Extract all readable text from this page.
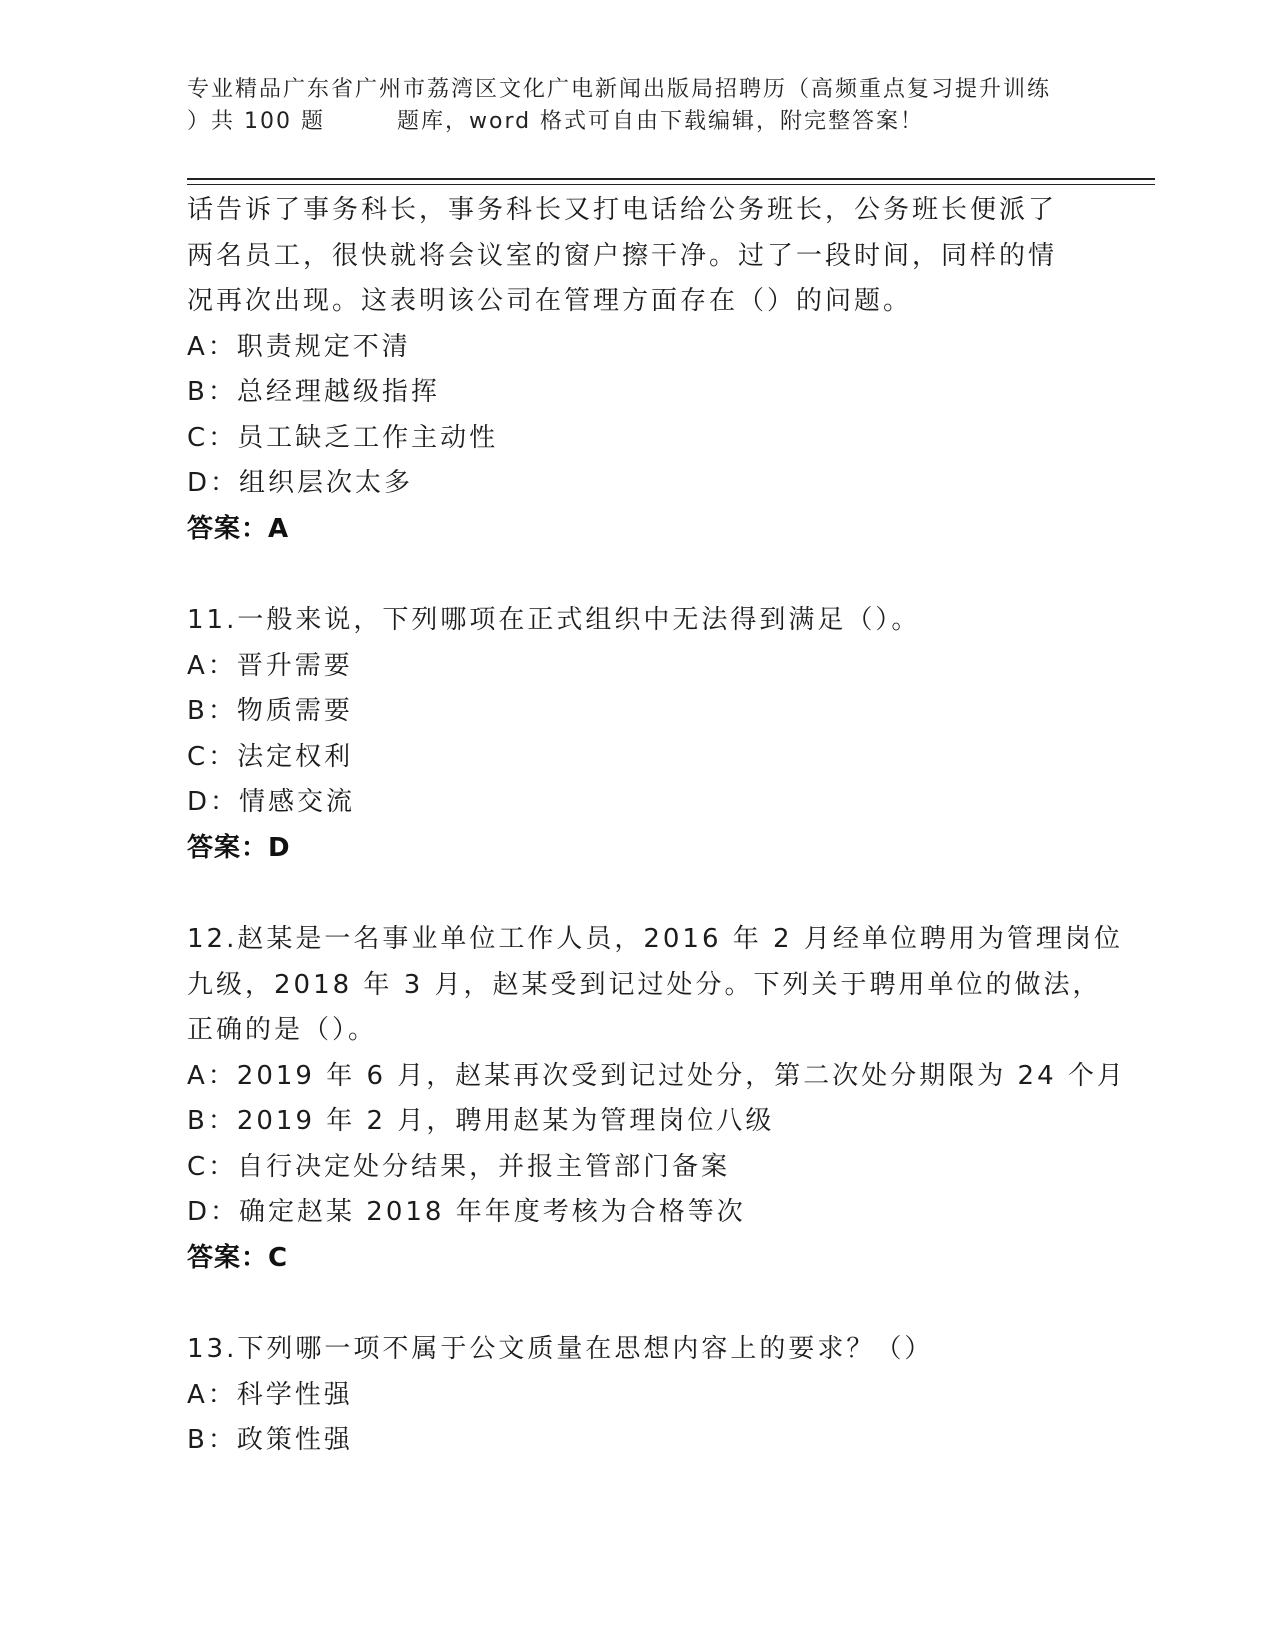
专业精品广东省广州市荔湾区文化广电新闻出版局招聘历（高频重点复习提升训练
）共 100 题	题库，word 格式可自由下载编辑，附完整答案！
话告诉了事务科长，事务科长又打电话给公务班长，公务班长便派了
两名员工，很快就将会议室的窗户擦干净。过了一段时间，同样的情
况再次出现。这表明该公司在管理方面存在（）的问题。
A：职责规定不清
B：总经理越级指挥
C：员工缺乏工作主动性
D：组织层次太多
答案：A
11.一般来说，下列哪项在正式组织中无法得到满足（）。
A：晋升需要
B：物质需要
C：法定权利
D：情感交流
答案：D
12.赵某是一名事业单位工作人员，2016 年 2 月经单位聘用为管理岗位
九级，2018 年 3 月，赵某受到记过处分。下列关于聘用单位的做法，
正确的是（）。
A：2019 年 6 月，赵某再次受到记过处分，第二次处分期限为 24 个月
B：2019 年 2 月，聘用赵某为管理岗位八级
C：自行决定处分结果，并报主管部门备案
D：确定赵某 2018 年年度考核为合格等次
答案：C
13.下列哪一项不属于公文质量在思想内容上的要求？（）
A：科学性强
B：政策性强
